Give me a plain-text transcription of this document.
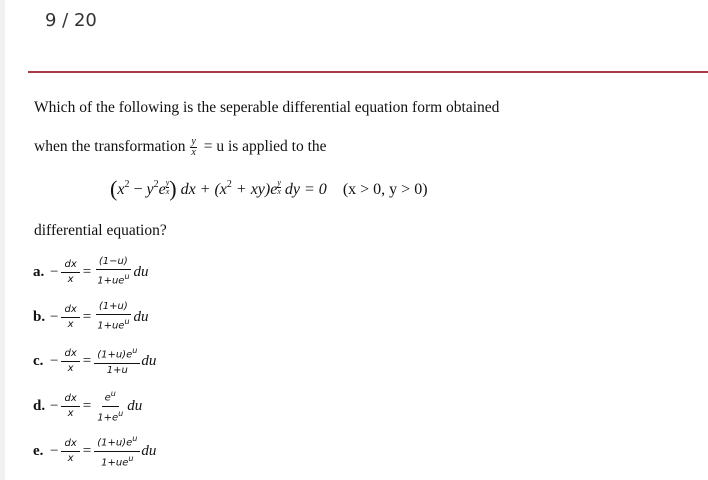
9 / 20
Which of the following is the seperable differential equation form obtained
when the transformation $\frac{y}{x} = u$ is applied to the
($x^2 - y^2e \frac{y}{x}$ ) dx + $(x^2 + xy)e \frac{y}{x}$ dy = 0 (x > 0, y > 0)
differential equation?
a. − $\frac{dx}{x}$ =
(1−u)
$1+ue^u$ du
b. − $\frac{dx}{x}$ =
(1+u)
$1+ue^u$ du
c. − $\frac{dx}{x} = \frac{(1+u)e^u}{1+u}$ du
d. − $\frac{dx}{x} = \frac{e^u}{1+e^u}$ du
e. − $\frac{dx}{x} = (1+u)e^u$
$1+ue^u$ du
